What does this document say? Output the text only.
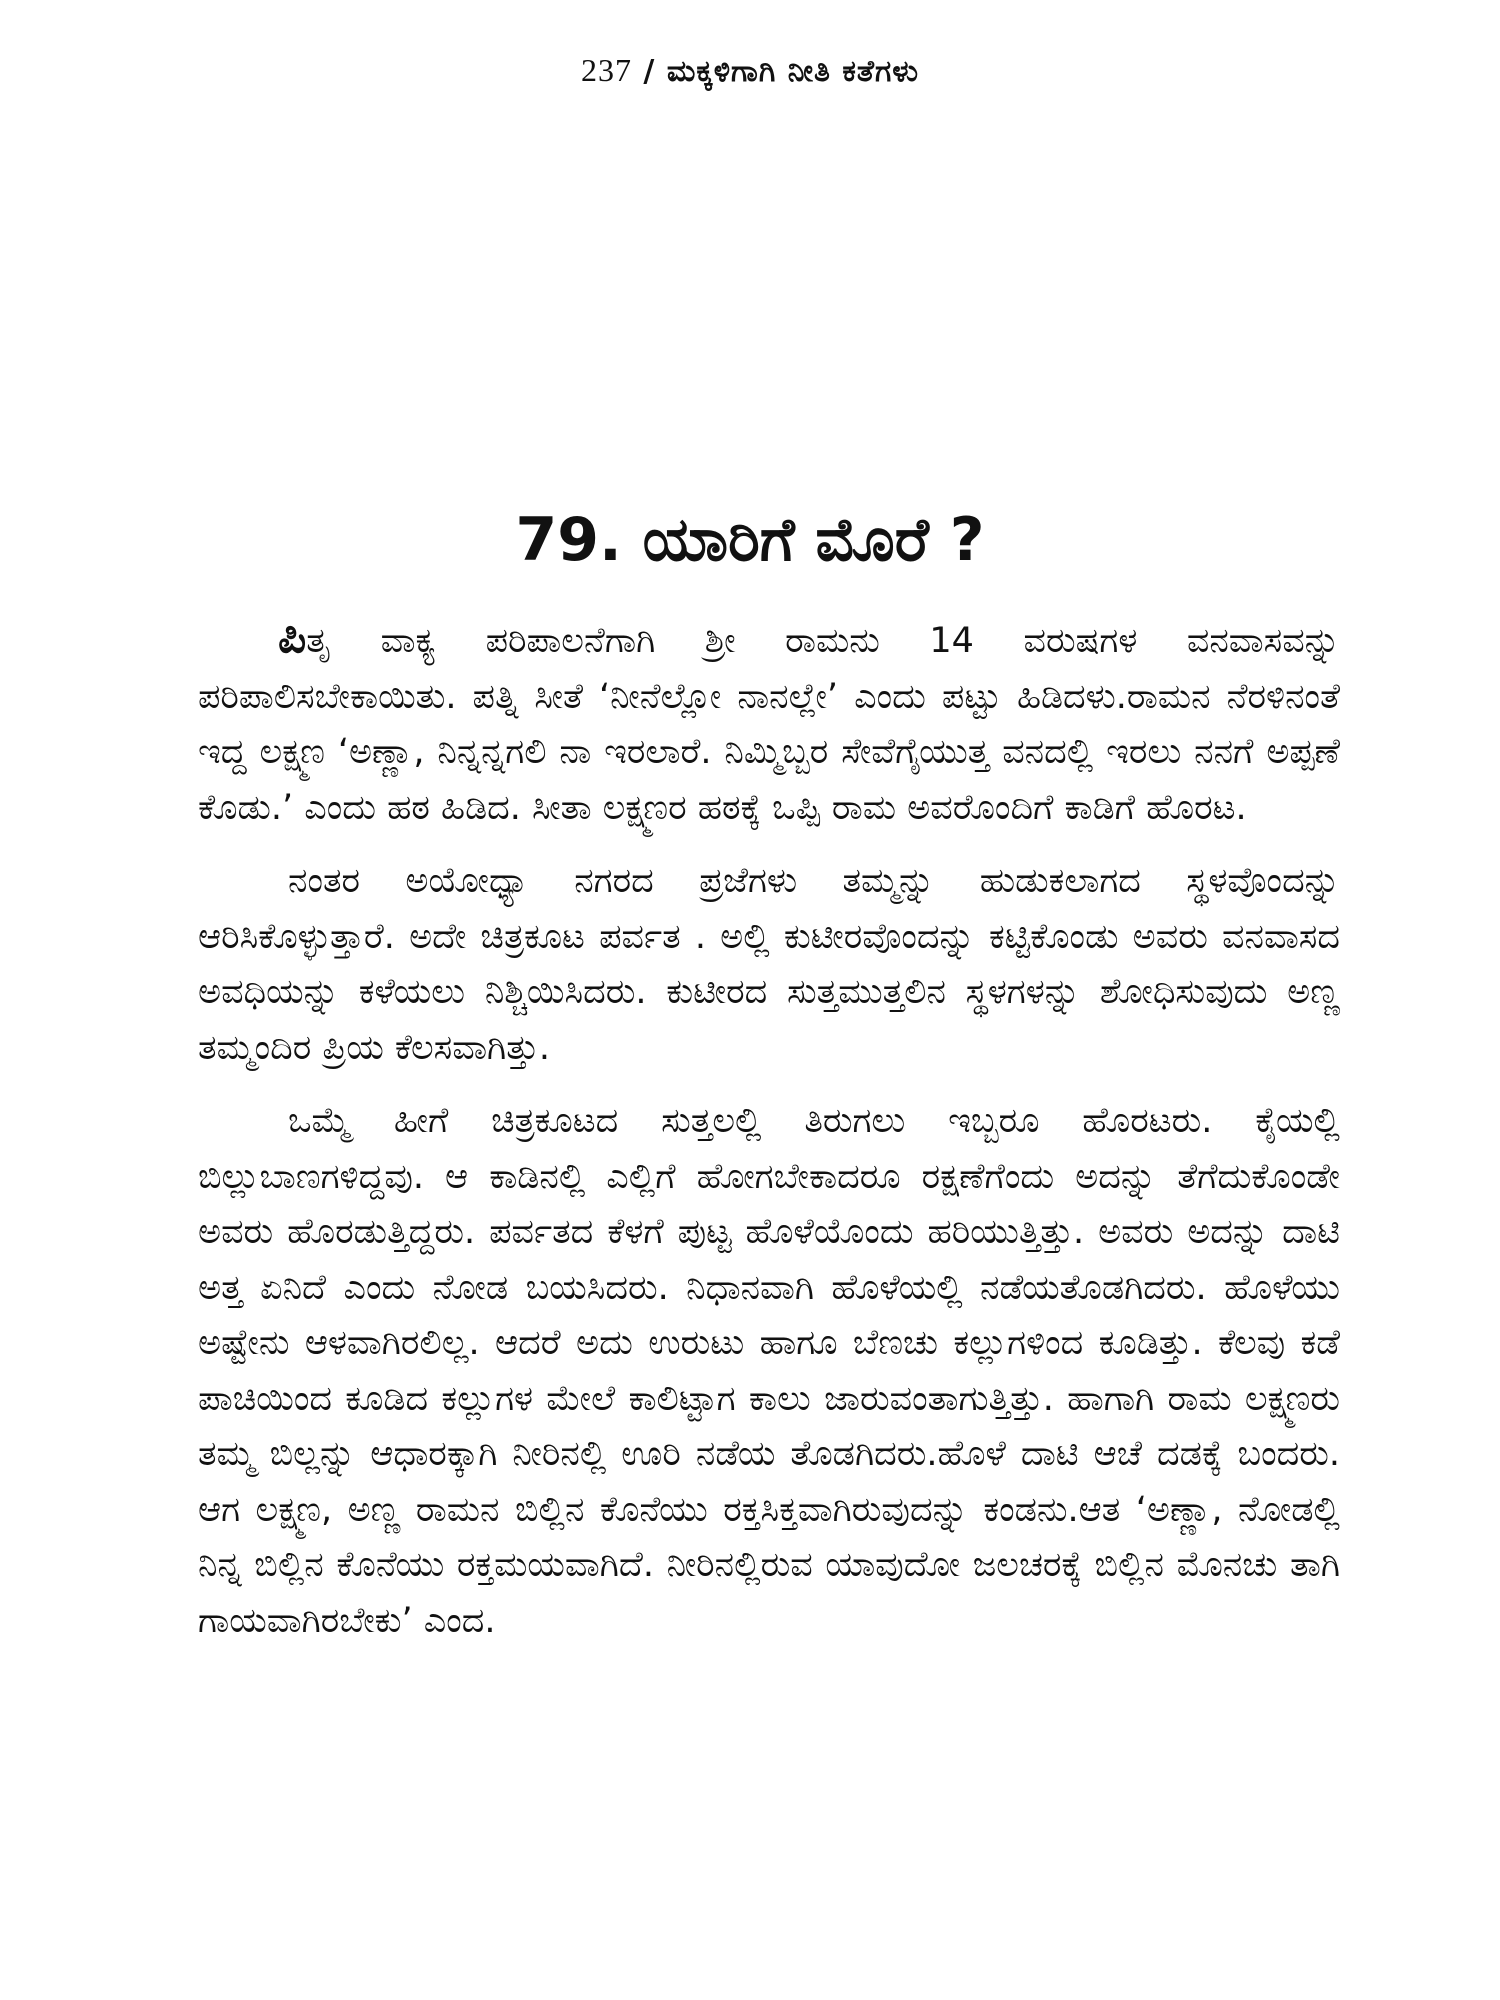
237 / ಮಕ್ಕಳಿಗಾಗಿ ನೀತಿ ಕತೆಗಳು
79. ಯಾರಿಗೆ ಮೊರೆ ?

ಪಿತೃ ವಾಕ್ಯ ಪರಿಪಾಲನೆಗಾಗಿ ಶ್ರೀ ರಾಮನು 14 ವರುಷಗಳ ವನವಾಸವನ್ನು ಪರಿಪಾಲಿಸಬೇಕಾಯಿತು. ಪತ್ನಿ ಸೀತೆ ‘ನೀನೆಲ್ಲೋ ನಾನಲ್ಲೇ’ ಎಂದು ಪಟ್ಟು ಹಿಡಿದಳು.ರಾಮನ ನೆರಳಿನಂತೆ ಇದ್ದ ಲಕ್ಷ್ಮಣ ‘ಅಣ್ಣಾ, ನಿನ್ನನ್ನಗಲಿ ನಾ ಇರಲಾರೆ. ನಿಮ್ಮಿಬ್ಬರ ಸೇವೆಗೈಯುತ್ತ ವನದಲ್ಲಿ ಇರಲು ನನಗೆ ಅಪ್ಪಣೆ ಕೊಡು.’ ಎಂದು ಹಠ ಹಿಡಿದ. ಸೀತಾ ಲಕ್ಷ್ಮಣರ ಹಠಕ್ಕೆ ಒಪ್ಪಿ ರಾಮ ಅವರೊಂದಿಗೆ ಕಾಡಿಗೆ ಹೊರಟ.

ನಂತರ ಅಯೋಧ್ಯಾ ನಗರದ ಪ್ರಜೆಗಳು ತಮ್ಮನ್ನು ಹುಡುಕಲಾಗದ ಸ್ಥಳವೊಂದನ್ನು ಆರಿಸಿಕೊಳ್ಳುತ್ತಾರೆ. ಅದೇ ಚಿತ್ರಕೂಟ ಪರ್ವತ . ಅಲ್ಲಿ ಕುಟೀರವೊಂದನ್ನು ಕಟ್ಟಿಕೊಂಡು ಅವರು ವನವಾಸದ ಅವಧಿಯನ್ನು ಕಳೆಯಲು ನಿಶ್ಚಿಯಿಸಿದರು. ಕುಟೀರದ ಸುತ್ತಮುತ್ತಲಿನ ಸ್ಥಳಗಳನ್ನು ಶೋಧಿಸುವುದು ಅಣ್ಣ ತಮ್ಮಂದಿರ ಪ್ರಿಯ ಕೆಲಸವಾಗಿತ್ತು.

ಒಮ್ಮೆ ಹೀಗೆ ಚಿತ್ರಕೂಟದ ಸುತ್ತಲಲ್ಲಿ ತಿರುಗಲು ಇಬ್ಬರೂ ಹೊರಟರು. ಕೈಯಲ್ಲಿ ಬಿಲ್ಲುಬಾಣಗಳಿದ್ದವು. ಆ ಕಾಡಿನಲ್ಲಿ ಎಲ್ಲಿಗೆ ಹೋಗಬೇಕಾದರೂ ರಕ್ಷಣೆಗೆಂದು ಅದನ್ನು ತೆಗೆದುಕೊಂಡೇ ಅವರು ಹೊರಡುತ್ತಿದ್ದರು. ಪರ್ವತದ ಕೆಳಗೆ ಪುಟ್ಟ ಹೊಳೆಯೊಂದು ಹರಿಯುತ್ತಿತ್ತು. ಅವರು ಅದನ್ನು ದಾಟಿ ಅತ್ತ ಏನಿದೆ ಎಂದು ನೋಡ ಬಯಸಿದರು. ನಿಧಾನವಾಗಿ ಹೊಳೆಯಲ್ಲಿ ನಡೆಯತೊಡಗಿದರು. ಹೊಳೆಯು ಅಷ್ಟೇನು ಆಳವಾಗಿರಲಿಲ್ಲ. ಆದರೆ ಅದು ಉರುಟು ಹಾಗೂ ಬೆಣಚು ಕಲ್ಲುಗಳಿಂದ ಕೂಡಿತ್ತು. ಕೆಲವು ಕಡೆ ಪಾಚಿಯಿಂದ ಕೂಡಿದ ಕಲ್ಲುಗಳ ಮೇಲೆ ಕಾಲಿಟ್ಟಾಗ ಕಾಲು ಜಾರುವಂತಾಗುತ್ತಿತ್ತು. ಹಾಗಾಗಿ ರಾಮ ಲಕ್ಷ್ಮಣರು ತಮ್ಮ ಬಿಲ್ಲನ್ನು ಆಧಾರಕ್ಕಾಗಿ ನೀರಿನಲ್ಲಿ ಊರಿ ನಡೆಯ ತೊಡಗಿದರು.ಹೊಳೆ ದಾಟಿ ಆಚೆ ದಡಕ್ಕೆ ಬಂದರು. ಆಗ ಲಕ್ಷ್ಮಣ, ಅಣ್ಣ ರಾಮನ ಬಿಲ್ಲಿನ ಕೊನೆಯು ರಕ್ತಸಿಕ್ತವಾಗಿರುವುದನ್ನು ಕಂಡನು.ಆತ ‘ಅಣ್ಣಾ, ನೋಡಲ್ಲಿ ನಿನ್ನ ಬಿಲ್ಲಿನ ಕೊನೆಯು ರಕ್ತಮಯವಾಗಿದೆ. ನೀರಿನಲ್ಲಿರುವ ಯಾವುದೋ ಜಲಚರಕ್ಕೆ ಬಿಲ್ಲಿನ ಮೊನಚು ತಾಗಿ ಗಾಯವಾಗಿರಬೇಕು’ ಎಂದ.
